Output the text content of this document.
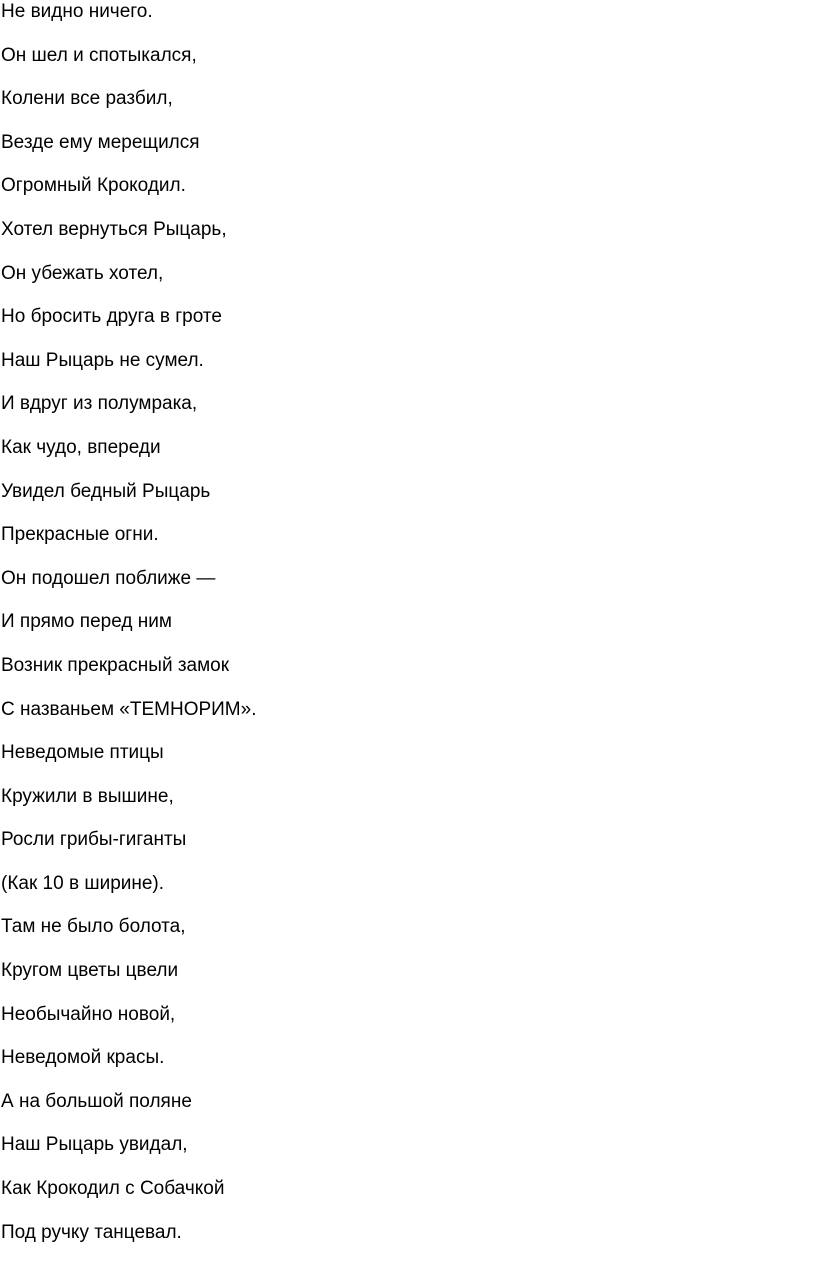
Не видно ничего.
Он шел и спотыкался,
Колени все разбил,
Везде ему мерещился
Огромный Крокодил.
Хотел вернуться Рыцарь,
Он убежать хотел,
Но бросить друга в гроте
Наш Рыцарь не сумел.
И вдруг из полумрака,
Как чудо, впереди
Увидел бедный Рыцарь
Прекрасные огни.
Он подошел поближе —
И прямо перед ним
Возник прекрасный замок
С названьем «ТЕМНОРИМ».
Неведомые птицы
Кружили в вышине,
Росли грибы-гиганты
(Как 10 в ширине).
Там не было болота,
Кругом цветы цвели
Необычайно новой,
Неведомой красы.
А на большой поляне
Наш Рыцарь увидал,
Как Крокодил с Собачкой
Под ручку танцевал.
